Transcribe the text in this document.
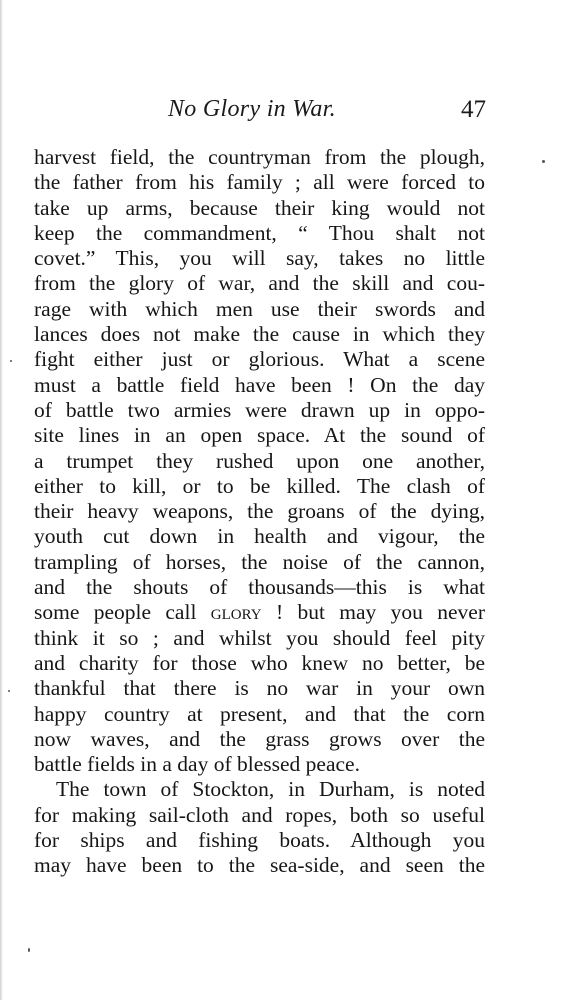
No Glory in War.	47
harvest field, the countryman from the plough,
the father from his family ; all were forced to
take up arms, because their king would not
keep the commandment, “ Thou shalt not
covet.” This, you will say, takes no little
from the glory of war, and the skill and cou-
rage with which men use their swords and
lances does not make the cause in which they
fight either just or glorious. What a scene
must a battle field have been ! On the day
of battle two armies were drawn up in oppo-
site lines in an open space. At the sound of
a trumpet they rushed upon one another,
either to kill, or to be killed. The clash of
their heavy weapons, the groans of the dying,
youth cut down in health and vigour, the
trampling of horses, the noise of the cannon,
and the shouts of thousands—this is what
some people call glory ! but may you never
think it so ; and whilst you should feel pity
and charity for those who knew no better, be
thankful that there is no war in your own
happy country at present, and that the corn
now waves, and the grass grows over the
battle fields in a day of blessed peace.
The town of Stockton, in Durham, is noted
for making sail-cloth and ropes, both so useful
for ships and fishing boats. Although you
may have been to the sea-side, and seen the
